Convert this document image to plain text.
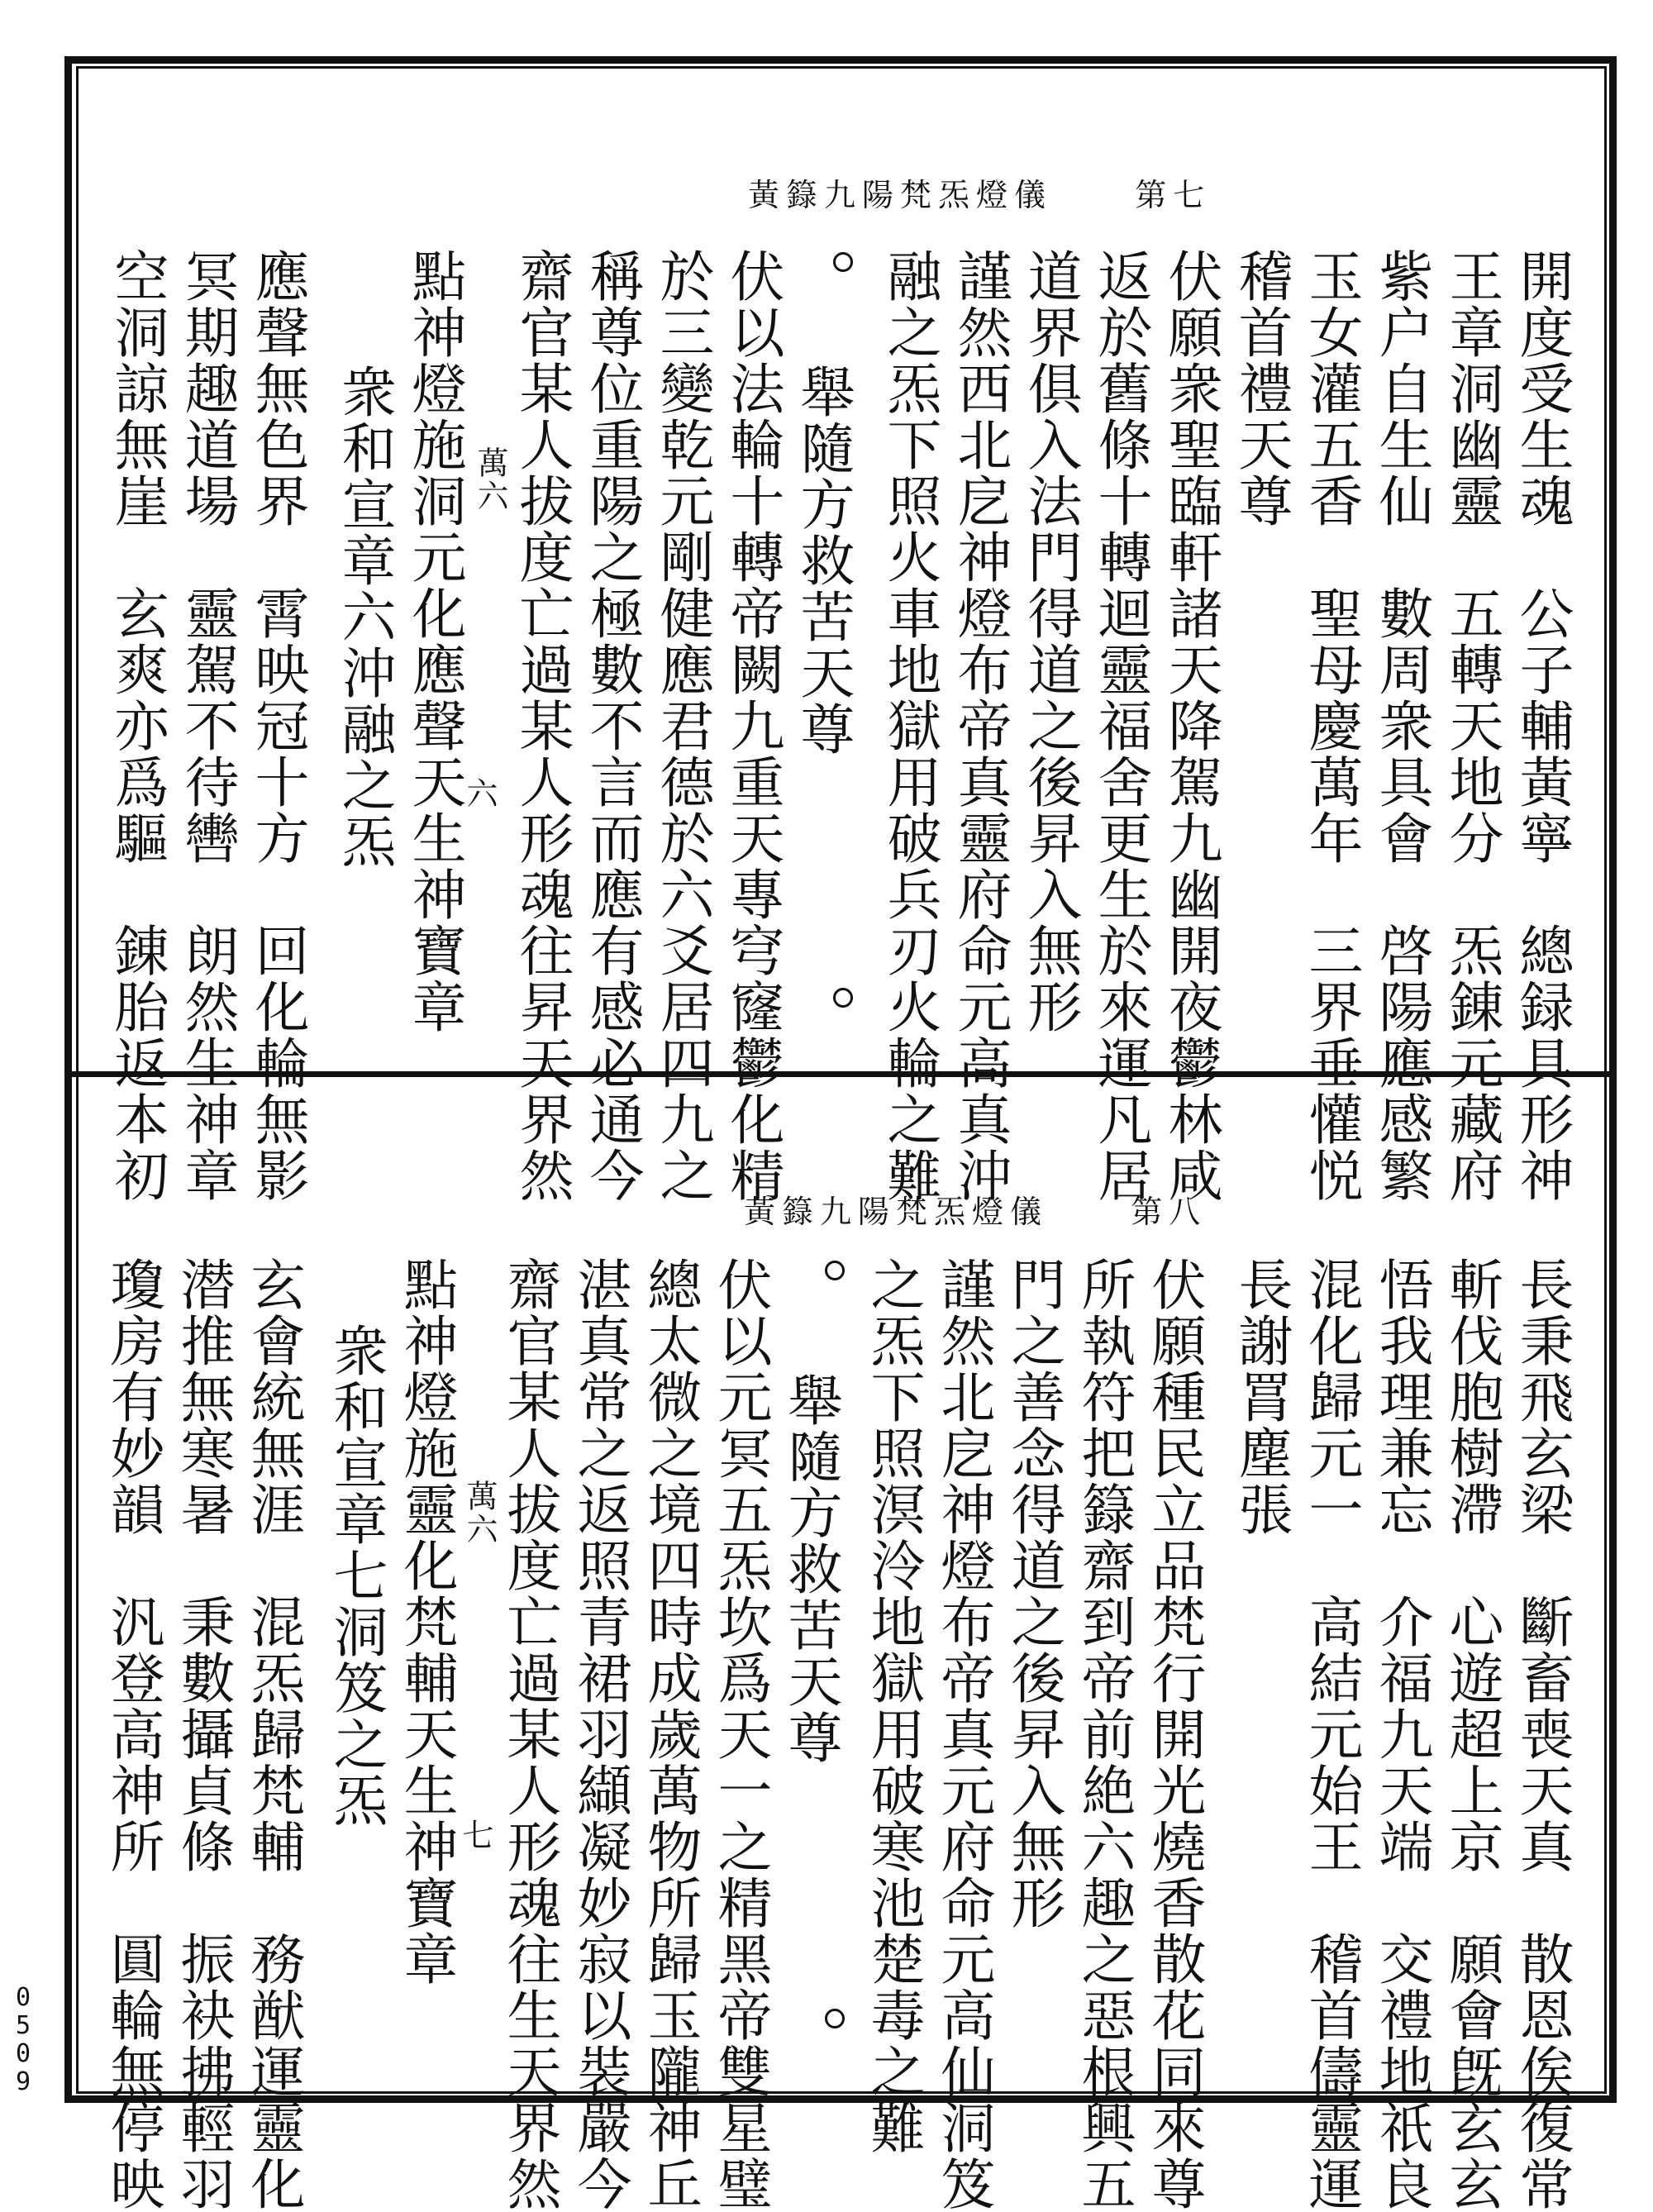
0
5
0
9
黃籙九陽梵炁燈儀	第七
開度受生魂　公子輔黃寧　總録具形神
王章洞幽靈　五轉天地分　炁錬元藏府
紫户自生仙　數周衆具會　啓陽應感繁
玉女灌五香　聖母慶萬年　三界垂懽悦
稽首禮天尊
伏願衆聖臨軒諸天降駕九幽開夜鬱林咸
返於舊條十轉迴靈福舍更生於來運凡居
道界俱入法門得道之後昇入無形
謹然西北戹神燈布帝真靈府命元高真沖
融之炁下照火車地獄用破兵刃火輪之難
舉隨方救苦天尊
伏以法輪十轉帝闕九重天專穹窿鬱化精
於三變乾元剛健應君德於六爻居四九之
稱尊位重陽之極數不言而應有感必通今
齋官某人拔度亡過某人形魂往昇天界然
萬六
六
點神燈施洞元化應聲天生神寶章
衆和宣章六沖融之炁
應聲無色界　霄映冠十方　回化輪無影
冥期趣道場　靈駕不待轡　朗然生神章
空洞諒無崖　玄爽亦爲驅　錬胎返本初
黃籙九陽梵炁燈儀	第八
長秉飛玄梁　斷畜喪天真　散恩俟復常
斬伐胞樹滯　心遊超上京　願會旣玄玄
悟我理兼忘　介福九天端　交禮地祇良
混化歸元一　高結元始王　稽首儔靈運
長謝罥塵張
伏願種民立品梵行開光燒香散花同來尊
所執符把籙齋到帝前絶六趣之惡根興五
門之善念得道之後昇入無形
謹然北戹神燈布帝真元府命元高仙洞笈
之炁下照溟泠地獄用破寒池楚毒之難
舉隨方救苦天尊
伏以元冥五炁坎爲天一之精黑帝雙星璧
總太微之境四時成歲萬物所歸玉隴神丘
湛真常之返照青裙羽纈凝妙寂以裝嚴今
齋官某人拔度亡過某人形魂往生天界然
萬六
七
點神燈施靈化梵輔天生神寶章
衆和宣章七洞笈之炁
玄會統無涯　混炁歸梵輔　務猷運靈化
潜推無寒暑　秉數攝貞條　振袂拂輕羽
瓊房有妙韻　汎登高神所　圓輪無停映
